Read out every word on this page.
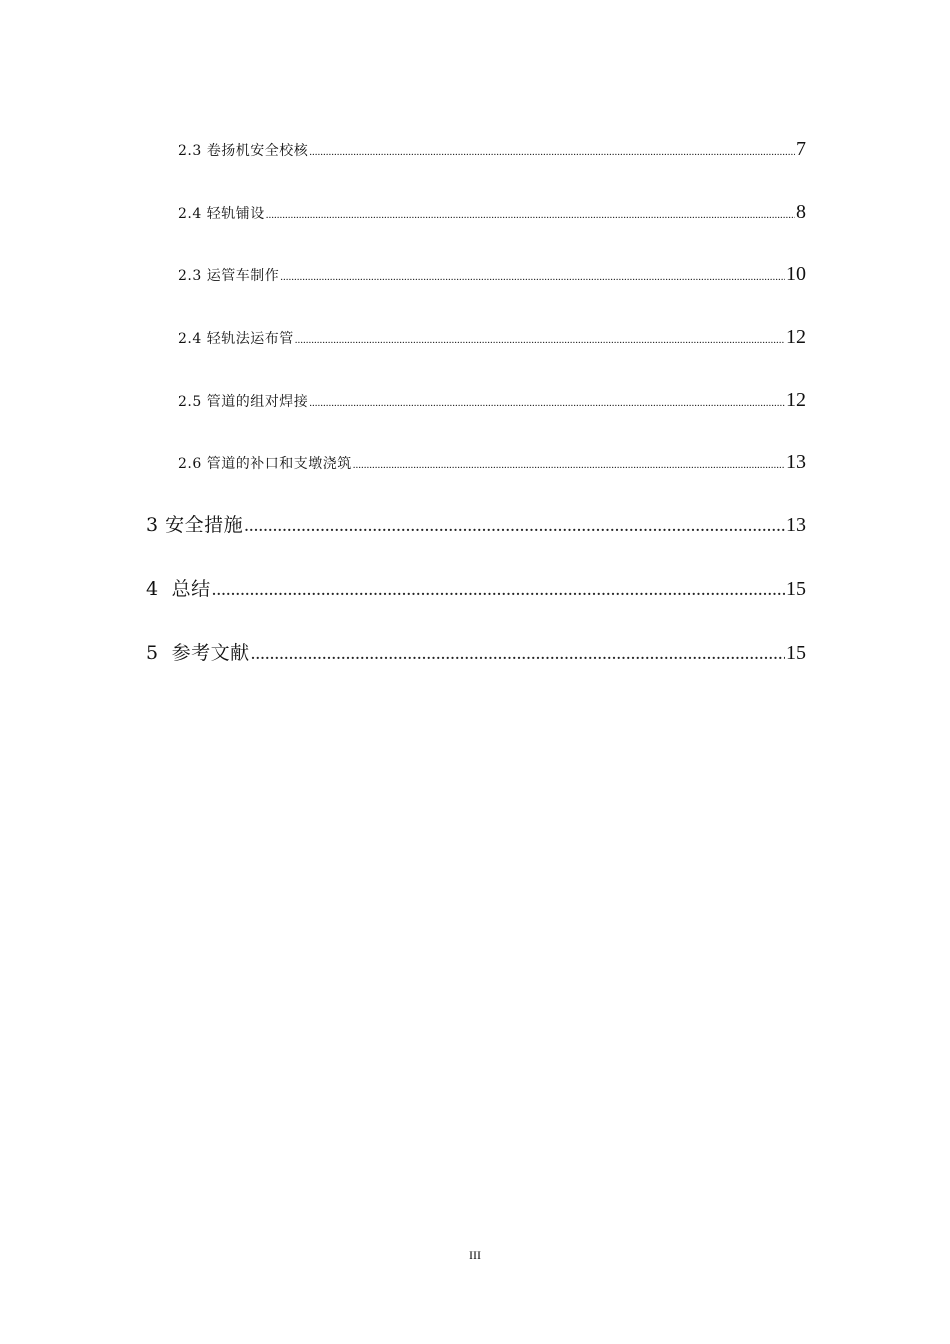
2.3 卷扬机安全校核 .....	7
2.4 轻轨铺设 .....	8
2.3 运管车制作 .....	10
2.4 轻轨法运布管 .....	12
2.5 管道的组对焊接 .....	12
2.6 管道的补口和支墩浇筑 .....	13
3 安全措施 .....	13
4  总结 .....	15
5  参考文献 .....	15
III
